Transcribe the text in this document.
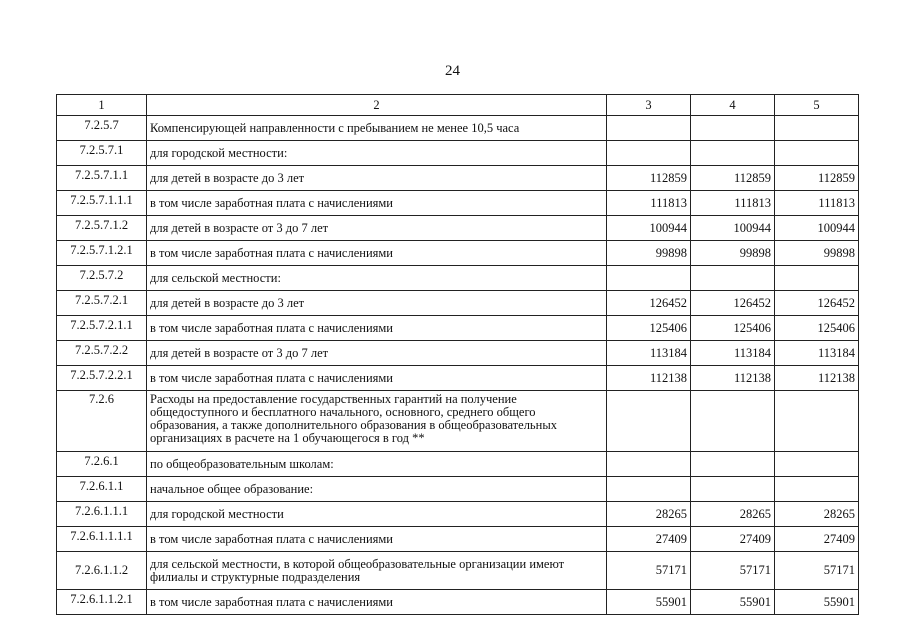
24
1	2	3	4	5
7.2.5.7	Компенсирующей направленности с пребыванием не менее 10,5 часа			
7.2.5.7.1	для городской местности:			
7.2.5.7.1.1	для детей в возрасте до 3 лет	112859	112859	112859
7.2.5.7.1.1.1	в том числе заработная плата с начислениями	111813	111813	111813
7.2.5.7.1.2	для детей в возрасте от 3 до 7 лет	100944	100944	100944
7.2.5.7.1.2.1	в том числе заработная плата с начислениями	99898	99898	99898
7.2.5.7.2	для сельской местности:			
7.2.5.7.2.1	для детей в возрасте до 3 лет	126452	126452	126452
7.2.5.7.2.1.1	в том числе заработная плата с начислениями	125406	125406	125406
7.2.5.7.2.2	для детей в возрасте от 3 до 7 лет	113184	113184	113184
7.2.5.7.2.2.1	в том числе заработная плата с начислениями	112138	112138	112138
7.2.6	Расходы на предоставление государственных гарантий на получение общедоступного и бесплатного начального, основного, среднего общего образования, а также дополнительного образования в общеобразовательных организациях в расчете на 1 обучающегося в год **			
7.2.6.1	по общеобразовательным школам:			
7.2.6.1.1	начальное общее образование:			
7.2.6.1.1.1	для городской местности	28265	28265	28265
7.2.6.1.1.1.1	в том числе заработная плата с начислениями	27409	27409	27409
7.2.6.1.1.2	для сельской местности, в которой общеобразовательные организации имеют филиалы и структурные подразделения	57171	57171	57171
7.2.6.1.1.2.1	в том числе заработная плата с начислениями	55901	55901	55901
